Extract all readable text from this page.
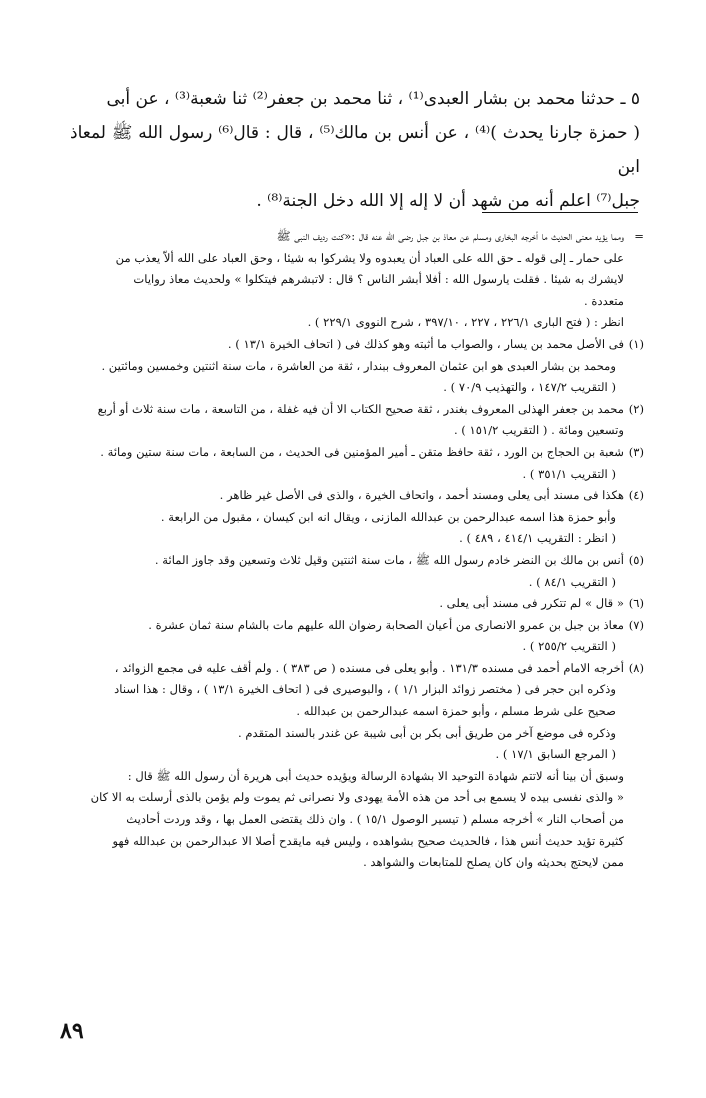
٥ ـ حدثنا محمد بن بشار العبدى⁽¹⁾ ، ثنا محمد بن جعفر⁽²⁾ ثنا شعبة⁽³⁾ ، عن أبى

( حمزة جارنا يحدث )⁽⁴⁾ ، عن أنس بن مالك⁽⁵⁾ ، قال : قال⁽⁶⁾ رسول الله ﷺ لمعاذ ابن

جبل⁽⁷⁾ اعلم أنه من شهد أن لا إله إلا الله دخل الجنة⁽⁸⁾ .

=
ومما يؤيد معنى الحديث ما أخرجه البخارى ومسلم عن معاذ بن جبل رضى الله عنه قال :«كنت رديف النبى ﷺ
على حمار ـ إلى قوله ـ حق الله على العباد أن يعبدوه ولا يشركوا به شيئا ، وحق العباد على الله ألاّ يعذب من
لايشرك به شيئا . فقلت يارسول الله : أفلا أبشر الناس ؟ قال : لاتبشرهم فيتكلوا » ولحديث معاذ روايات
متعددة .
انظر : ( فتح البارى ٢٢٦/١ ، ٢٢٧ ، ٣٩٧/١٠ ، شرح النووى ٢٢٩/١ ) .
(١)
فى الأصل محمد بن يسار ، والصواب ما أثبته وهو كذلك فى ( اتحاف الخيرة ١٣/١ ) .
ومحمد بن بشار العبدى هو ابن عثمان المعروف ببندار ، ثقة من العاشرة ، مات سنة اثنتين وخمسين ومائتين .
( التقريب ١٤٧/٢ ، والتهذيب ٧٠/٩ ) .
(٢)
محمد بن جعفر الهذلى المعروف بغندر ، ثقة صحيح الكتاب الا أن فيه غفلة ، من التاسعة ، مات سنة ثلاث أو أربع
وتسعين ومائة . ( التقريب ١٥١/٢ ) .
(٣)
شعبة بن الحجاج بن الورد ، ثقة حافظ متقن ـ أمير المؤمنين فى الحديث ، من السابعة ، مات سنة ستين ومائة .
( التقريب ٣٥١/١ ) .
(٤)
هكذا فى مسند أبى يعلى ومسند أحمد ، واتحاف الخيرة ، والذى فى الأصل غير ظاهر .
وأبو حمزة هذا اسمه عبدالرحمن بن عبدالله المازنى ، ويقال انه ابن كيسان ، مقبول من الرابعة .
( انظر : التقريب ٤١٤/١ ، ٤٨٩ ) .
(٥)
أنس بن مالك بن النضر خادم رسول الله ﷺ ، مات سنة اثنتين وقيل ثلاث وتسعين وقد جاوز المائة .
( التقريب ٨٤/١ ) .
(٦)
« قال » لم تتكرر فى مسند أبى يعلى .
(٧)
معاذ بن جبل بن عمرو الانصارى من أعيان الصحابة رضوان الله عليهم مات بالشام سنة ثمان عشرة .
( التقريب ٢٥٥/٢ ) .
(٨)
أخرجه الامام أحمد فى مسنده ١٣١/٣ . وأبو يعلى فى مسنده ( ص ٣٨٣ ) . ولم أقف عليه فى مجمع الزوائد ،
وذكره ابن حجر فى ( مختصر زوائد البزار ١/١ ) ، والبوصيرى فى ( اتحاف الخيرة ١٣/١ ) ، وقال : هذا اسناد
صحيح على شرط مسلم ، وأبو حمزة اسمه عبدالرحمن بن عبدالله .
وذكره فى موضع آخر من طريق أبى بكر بن أبى شيبة عن غندر بالسند المتقدم .
( المرجع السابق ١٧/١ ) .
وسبق أن بينا أنه لاتتم شهادة التوحيد الا بشهادة الرسالة ويؤيده حديث أبى هريرة أن رسول الله ﷺ قال :
« والذى نفسى بيده لا يسمع بى أحد من هذه الأمة يهودى ولا نصرانى ثم يموت ولم يؤمن بالذى أرسلت به الا كان
من أصحاب النار » أخرجه مسلم ( تيسير الوصول ١٥/١ ) . وان ذلك يقتضى العمل بها ، وقد وردت أحاديث
كثيرة تؤيد حديث أنس هذا ، فالحديث صحيح بشواهده ، وليس فيه مايقدح أصلا الا عبدالرحمن بن عبدالله فهو
ممن لايحتج بحديثه وان كان يصلح للمتابعات والشواهد .
٨٩
